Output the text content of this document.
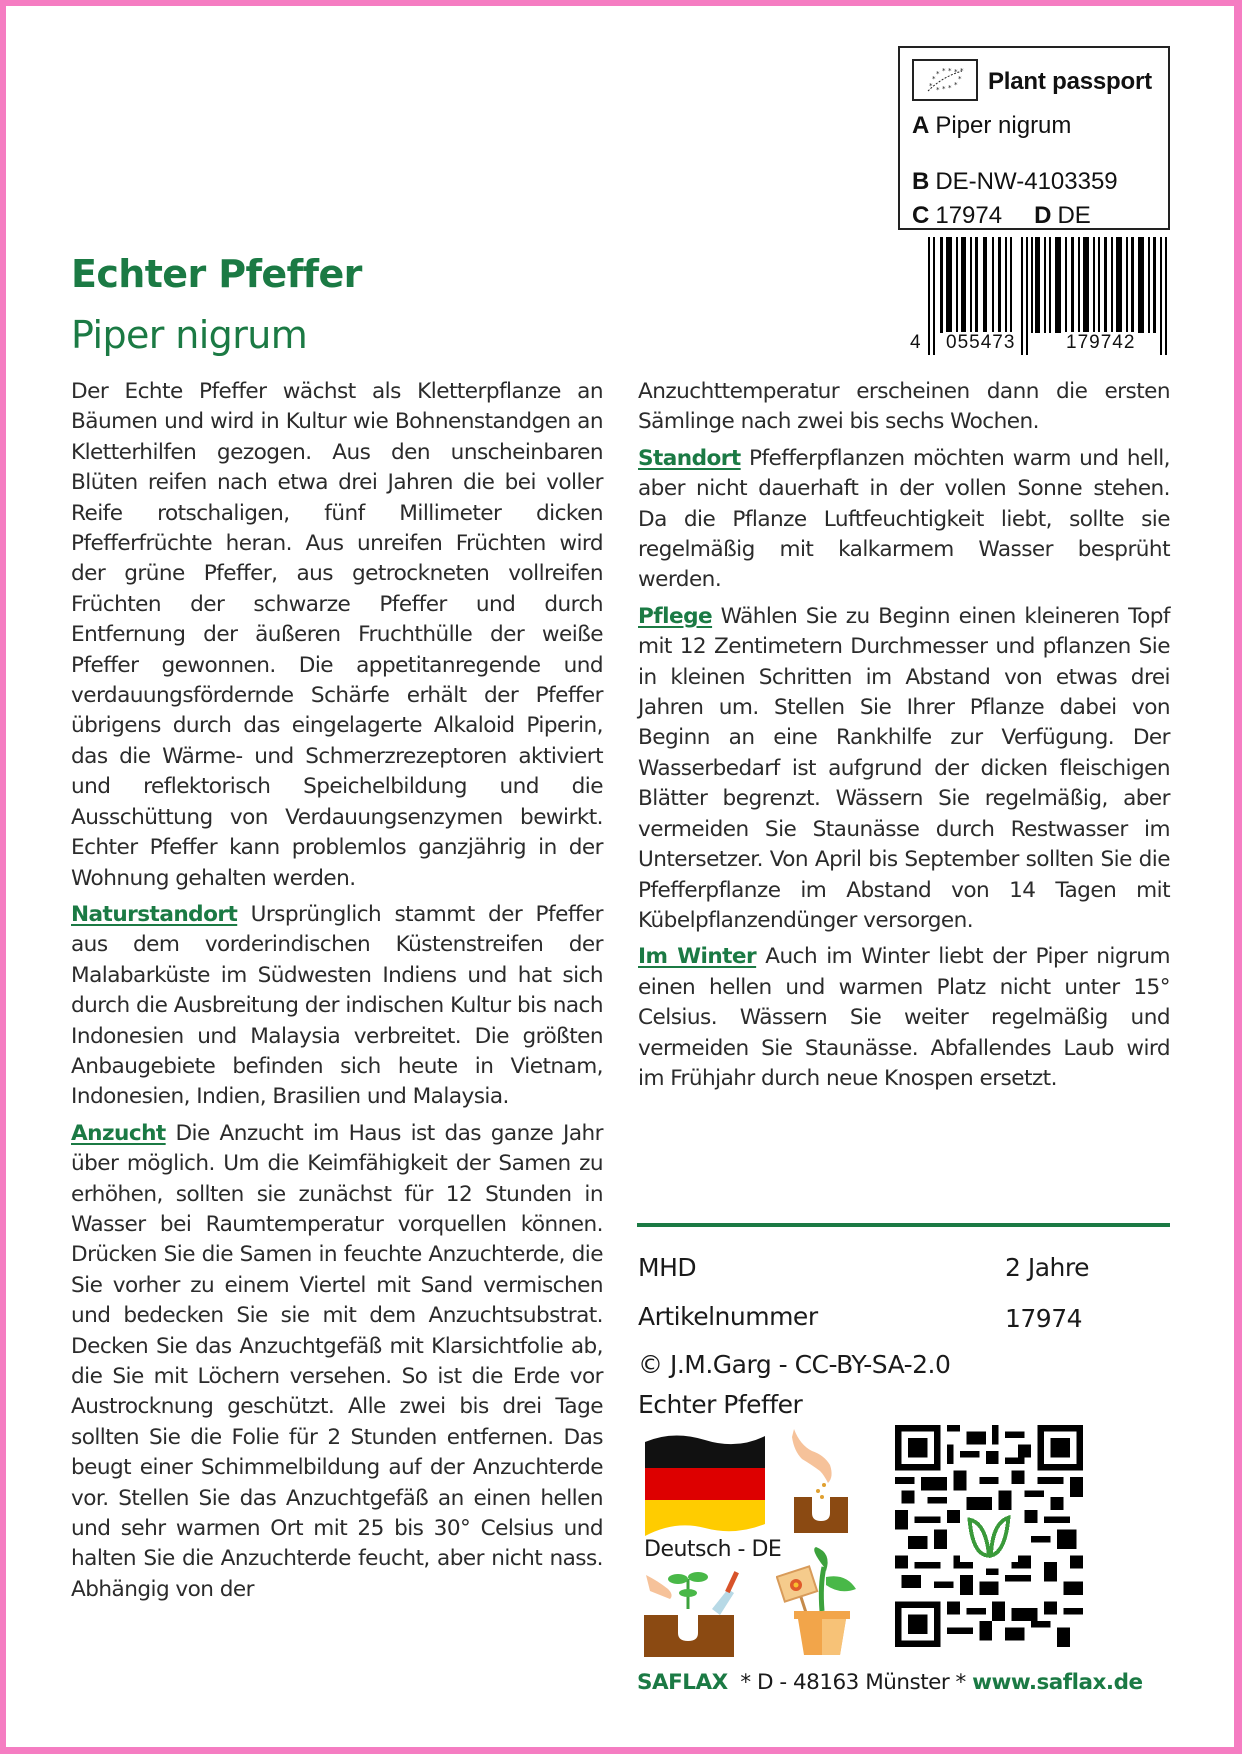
* * * * *
*
* * * * *
* Plant passport
A Piper nigrum
B DE-NW-4103359
C 17974 D DE
4 055473	179742
Echter Pfeffer
Piper nigrum

Der Echte Pfeffer wächst als Kletterpflanze an Bäumen und wird in Kultur wie Bohnenstandgen an Kletterhilfen gezogen. Aus den unscheinbaren Blüten reifen nach etwa drei Jahren die bei voller Reife rotschaligen, fünf Millimeter dicken Pfefferfrüchte heran. Aus unreifen Früchten wird der grüne Pfeffer, aus getrockneten vollreifen Früchten der schwarze Pfeffer und durch Entfernung der äußeren Fruchthülle der weiße Pfeffer gewonnen. Die appetitanregende und verdauungsfördernde Schärfe erhält der Pfeffer übrigens durch das eingelagerte Alkaloid Piperin, das die Wärme- und Schmerzrezeptoren aktiviert und reflektorisch Speichelbildung und die Ausschüttung von Verdauungsenzymen bewirkt. Echter Pfeffer kann problemlos ganzjährig in der Wohnung gehalten werden.

Naturstandort Ursprünglich stammt der Pfeffer aus dem vorderindischen Küstenstreifen der Malabarküste im Südwesten Indiens und hat sich durch die Ausbreitung der indischen Kultur bis nach Indonesien und Malaysia verbreitet. Die größten Anbaugebiete befinden sich heute in Vietnam, Indonesien, Indien, Brasilien und Malaysia.

Anzucht Die Anzucht im Haus ist das ganze Jahr über möglich. Um die Keimfähigkeit der Samen zu erhöhen, sollten sie zunächst für 12 Stunden in Wasser bei Raumtemperatur vorquellen können. Drücken Sie die Samen in feuchte Anzuchterde, die Sie vorher zu einem Viertel mit Sand vermischen und bedecken Sie sie mit dem Anzuchtsubstrat. Decken Sie das Anzuchtgefäß mit Klarsichtfolie ab, die Sie mit Löchern versehen. So ist die Erde vor Austrocknung geschützt. Alle zwei bis drei Tage sollten Sie die Folie für 2 Stunden entfernen. Das beugt einer Schimmelbildung auf der Anzuchterde vor. Stellen Sie das Anzuchtgefäß an einen hellen und sehr warmen Ort mit 25 bis 30° Celsius und halten Sie die Anzuchterde feucht, aber nicht nass. Abhängig von der

Anzuchttemperatur erscheinen dann die ersten Sämlinge nach zwei bis sechs Wochen.

Standort Pfefferpflanzen möchten warm und hell, aber nicht dauerhaft in der vollen Sonne stehen. Da die Pflanze Luftfeuchtigkeit liebt, sollte sie regelmäßig mit kalkarmem Wasser besprüht werden.

Pflege Wählen Sie zu Beginn einen kleineren Topf mit 12 Zentimetern Durchmesser und pflanzen Sie in kleinen Schritten im Abstand von etwas drei Jahren um. Stellen Sie Ihrer Pflanze dabei von Beginn an eine Rankhilfe zur Verfügung. Der Wasserbedarf ist aufgrund der dicken fleischigen Blätter begrenzt. Wässern Sie regelmäßig, aber vermeiden Sie Staunässe durch Restwasser im Untersetzer. Von April bis September sollten Sie die Pfefferpflanze im Abstand von 14 Tagen mit Kübelpflanzendünger versorgen.

Im Winter Auch im Winter liebt der Piper nigrum einen hellen und warmen Platz nicht unter 15° Celsius. Wässern Sie weiter regelmäßig und vermeiden Sie Staunässe. Abfallendes Laub wird im Frühjahr durch neue Knospen ersetzt.

MHD	2 Jahre
Artikelnummer	17974
© J.M.Garg - CC-BY-SA-2.0
Echter Pfeffer
Deutsch - DE
SAFLAX  * D - 48163 Münster * www.saflax.de
